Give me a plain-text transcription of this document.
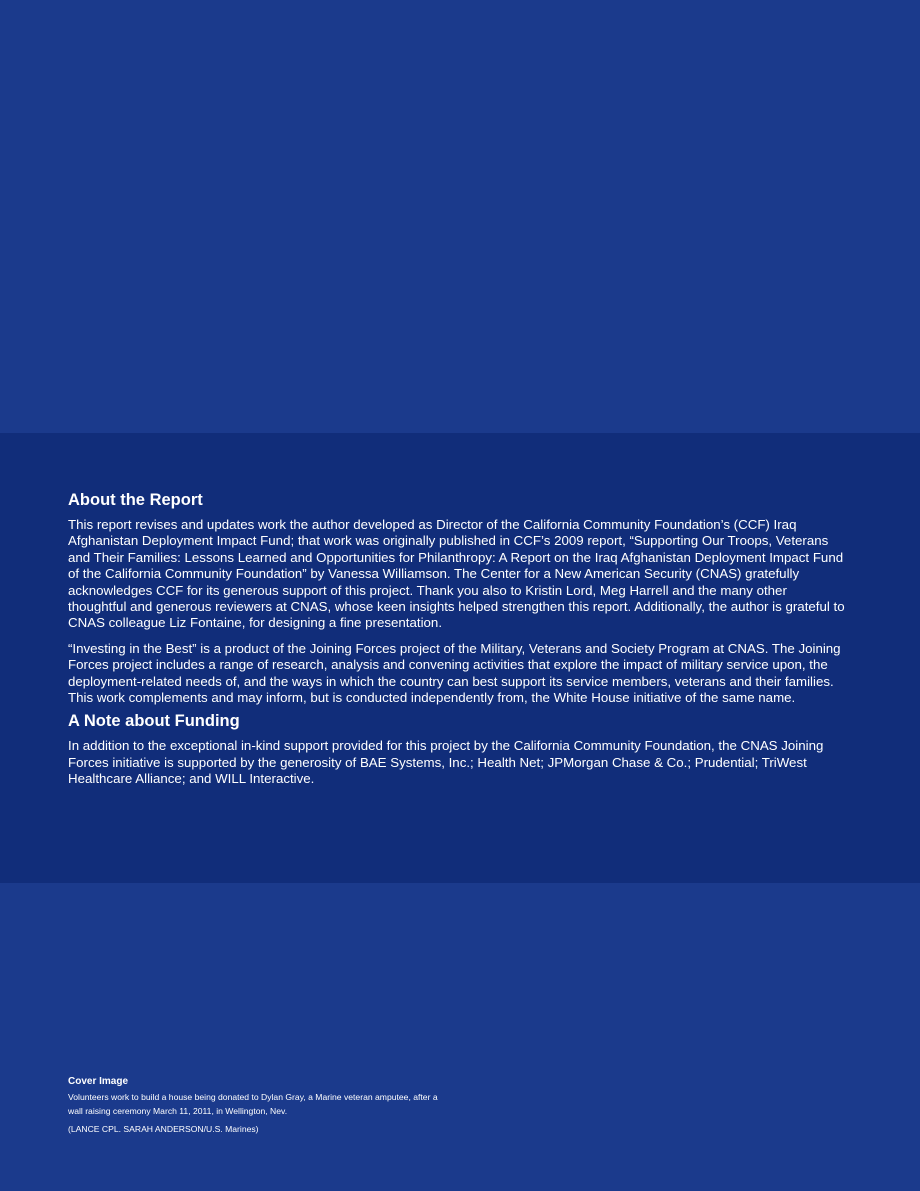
About the Report

This report revises and updates work the author developed as Director of the California Community Foundation’s (CCF) Iraq Afghanistan Deployment Impact Fund; that work was originally published in CCF’s 2009 report, “Supporting Our Troops, Veterans and Their Families: Lessons Learned and Opportunities for Philanthropy: A Report on the Iraq Afghanistan Deployment Impact Fund of the California Community Foundation” by Vanessa Williamson. The Center for a New American Security (CNAS) gratefully acknowledges CCF for its generous support of this project. Thank you also to Kristin Lord, Meg Harrell and the many other thoughtful and generous reviewers at CNAS, whose keen insights helped strengthen this report. Additionally, the author is grateful to CNAS colleague Liz Fontaine, for designing a fine presentation.

“Investing in the Best” is a product of the Joining Forces project of the Military, Veterans and Society Program at CNAS. The Joining Forces project includes a range of research, analysis and convening activities that explore the impact of military service upon, the deployment-related needs of, and the ways in which the country can best support its service members, veterans and their families. This work complements and may inform, but is conducted independently from, the White House initiative of the same name.

A Note about Funding

In addition to the exceptional in-kind support provided for this project by the California Community Foundation, the CNAS Joining Forces initiative is supported by the generosity of BAE Systems, Inc.; Health Net; JPMorgan Chase & Co.; Prudential; TriWest Healthcare Alliance; and WILL Interactive.

Cover Image

Volunteers work to build a house being donated to Dylan Gray, a Marine veteran amputee, after a wall raising ceremony March 11, 2011, in Wellington, Nev.

(LANCE CPL. SARAH ANDERSON/U.S. Marines)
